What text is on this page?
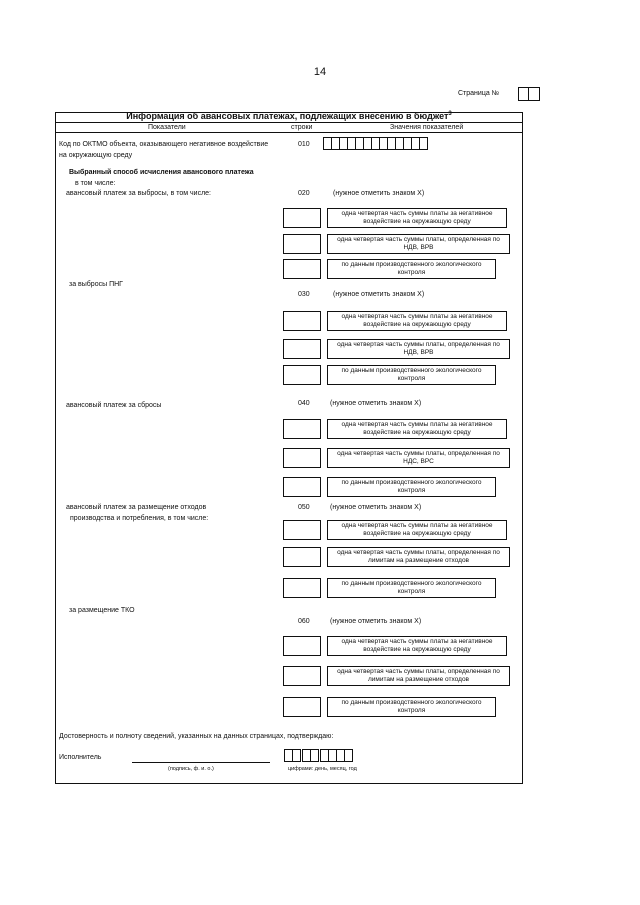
14
Страница №
Информация об авансовых платежах, подлежащих внесению в бюджет$^3$
Показатели	строки	Значения показателей
Код по ОКТМО объекта, оказывающего негативное воздействие
на окружающую среду
010
Выбранный способ исчисления авансового платежа
в том числе:
авансовый платеж за выбросы, в том числе:	020	(нужное отметить знаком X)
одна четвертая часть суммы платы за негативное воздействие на окружающую среду
одна четвертая часть суммы платы, определенная по НДВ, ВРВ
по данным производственного экологического контроля
за выбросы ПНГ
030	(нужное отметить знаком X)
одна четвертая часть суммы платы за негативное воздействие на окружающую среду
одна четвертая часть суммы платы, определенная по НДВ, ВРВ
по данным производственного экологического контроля
авансовый платеж за сбросы	040	(нужное отметить знаком X)
одна четвертая часть суммы платы за негативное воздействие на окружающую среду
одна четвертая часть суммы платы, определенная по НДС, ВРС
по данным производственного экологического контроля
авансовый платеж за размещение отходов
производства и потребления, в том числе:
050	(нужное отметить знаком X)
одна четвертая часть суммы платы за негативное воздействие на окружающую среду
одна четвертая часть суммы платы, определенная по лимитам на размещение отходов
по данным производственного экологического контроля
за размещение ТКО
060	(нужное отметить знаком X)
одна четвертая часть суммы платы за негативное воздействие на окружающую среду
одна четвертая часть суммы платы, определенная по лимитам на размещение отходов
по данным производственного экологического контроля
Достоверность и полноту сведений, указанных на данных страницах, подтверждаю:
Исполнитель
(подпись, ф. и. о.)	цифрами: день, месяц, год
